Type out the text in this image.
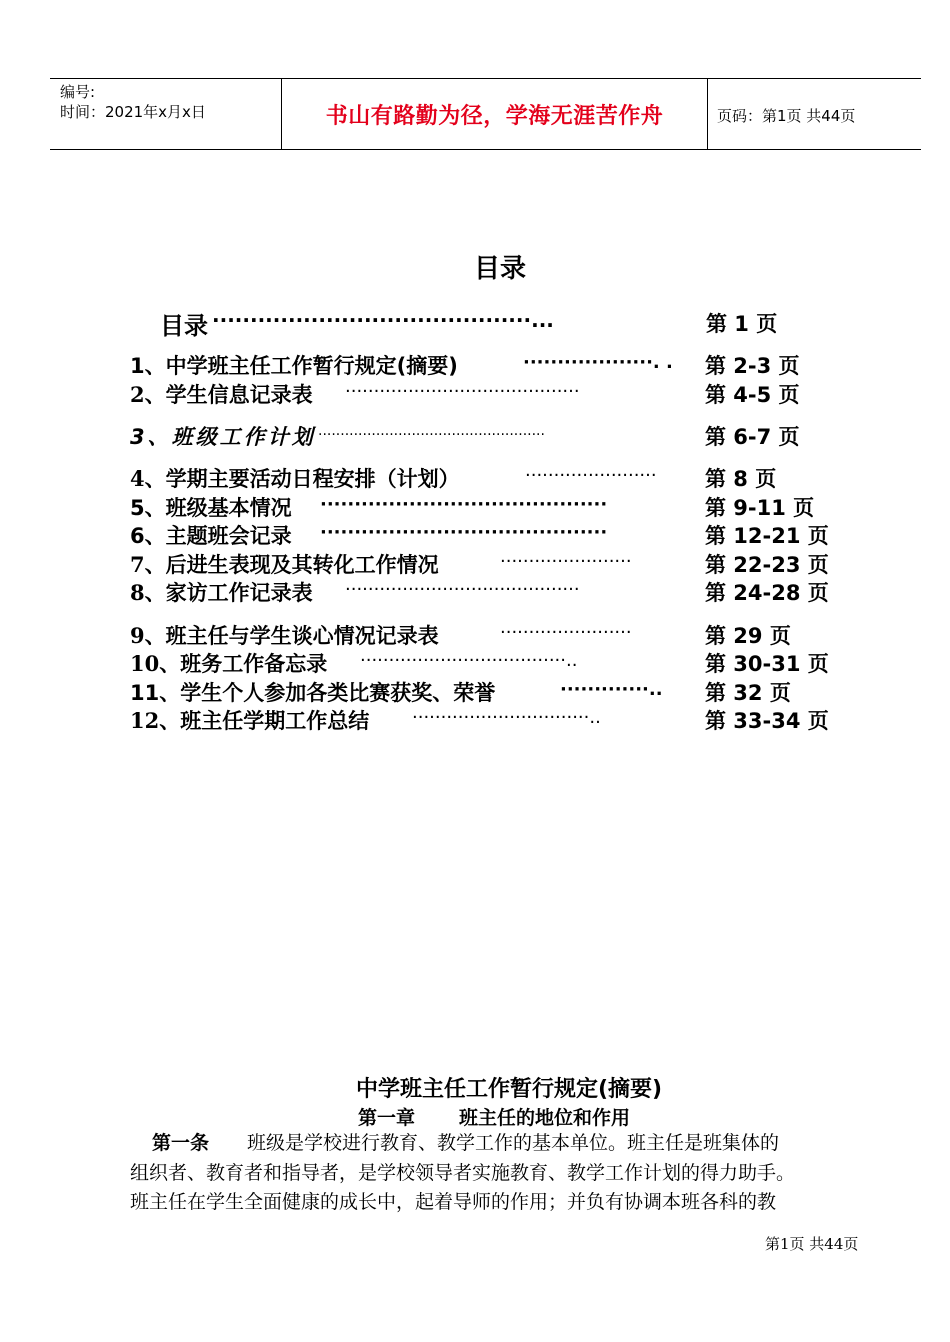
编号:
时间：2021年x月x日	书山有路勤为径，学海无涯苦作舟	页码：第1页 共44页
目录
目录 ··········································...	第 1 页
1、中学班主任工作暂行规定(摘要)	···················. . 第 2-3 页
2、学生信息记录表 ·········································	第 4-5 页
3、班级工作计划 ···················································	第 6-7 页
4、学期主要活动日程安排（计划）	······················· 第 8 页
5、班级基本情况 ··········································	第 9-11 页
6、主题班会记录 ··········································	第 12-21 页
7、后进生表现及其转化工作情况	·······················	第 22-23 页
8、家访工作记录表 ·········································	第 24-28 页
9、班主任与学生谈心情况记录表	·······················	第 29 页
10、班务工作备忘录 ····································..	第 30-31 页
11、学生个人参加各类比赛获奖、荣誉	·············.. 第 32 页
12、班主任学期工作总结 ·······························..	第 33-34 页
中学班主任工作暂行规定(摘要)
第一章 班主任的地位和作用
第一条 班级是学校进行教育、教学工作的基本单位。班主任是班集体的
组织者、教育者和指导者，是学校领导者实施教育、教学工作计划的得力助手。
班主任在学生全面健康的成长中，起着导师的作用；并负有协调本班各科的教
第1页 共44页
